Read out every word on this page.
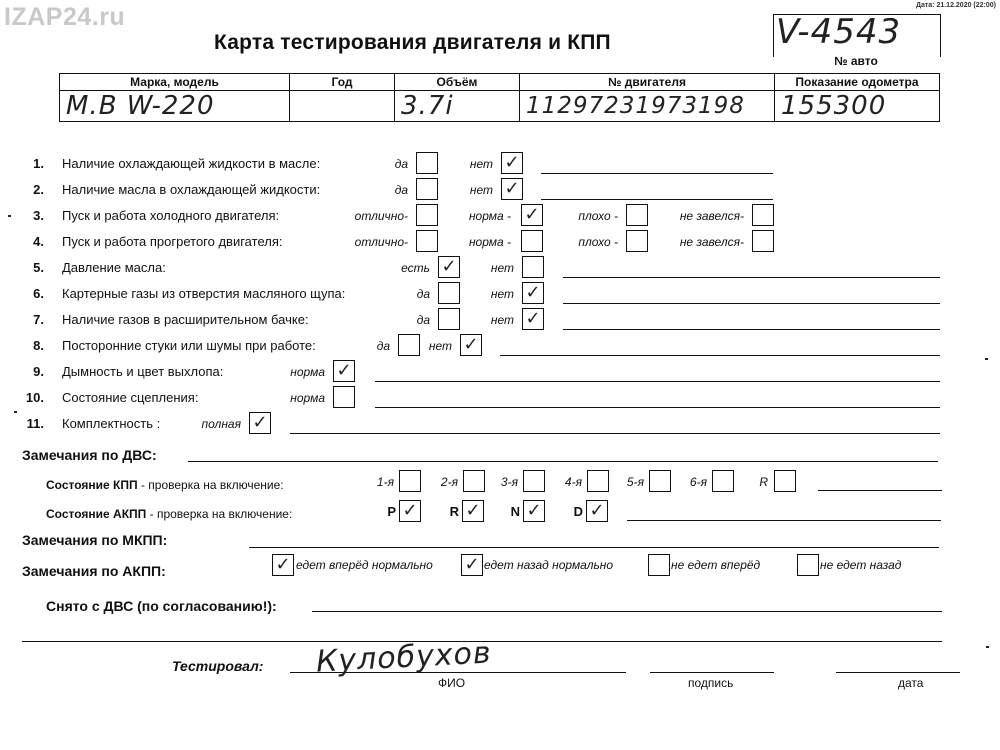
IZAP24.ru	Дата: 21.12.2020 (22:00)
Карта тестирования двигателя и КПП	V-4543
№ авто
Марка, модель	Год	Объём	№ двигателя	Показание одометра
M.B W-220		3.7i	11297231973198	155300
1. Наличие охлаждающей жидкости в масле:	да	нет ✓
2. Наличие масла в охлаждающей жидкости:	да	нет ✓
3. Пуск и работа холодного двигателя:	отлично-	норма - ✓	плохо -	не завелся-
4. Пуск и работа прогретого двигателя:	отлично-	норма -	плохо -	не завелся-
5. Давление масла:	есть ✓	нет
6. Картерные газы из отверстия масляного щупа:	да	нет ✓
7. Наличие газов в расширительном бачке:	да	нет ✓
8. Посторонние стуки или шумы при работе:	да	нет ✓
9. Дымность и цвет выхлопа:	норма ✓
10. Состояние сцепления:	норма
11. Комплектность :	полная ✓
Замечания по ДВС:
Состояние КПП - проверка на включение:	1-я	2-я	3-я	4-я	5-я	6-я	R
Состояние АКПП - проверка на включение:	P ✓ R ✓ N ✓ D ✓
Замечания по МКПП:
Замечания по АКПП:	✓ едет вперёд нормально ✓ едет назад нормально	не едет вперёд	не едет назад
Снято с ДВС (по согласованию!):
Тестировал: Кулобухов
ФИО	подпись	дата
